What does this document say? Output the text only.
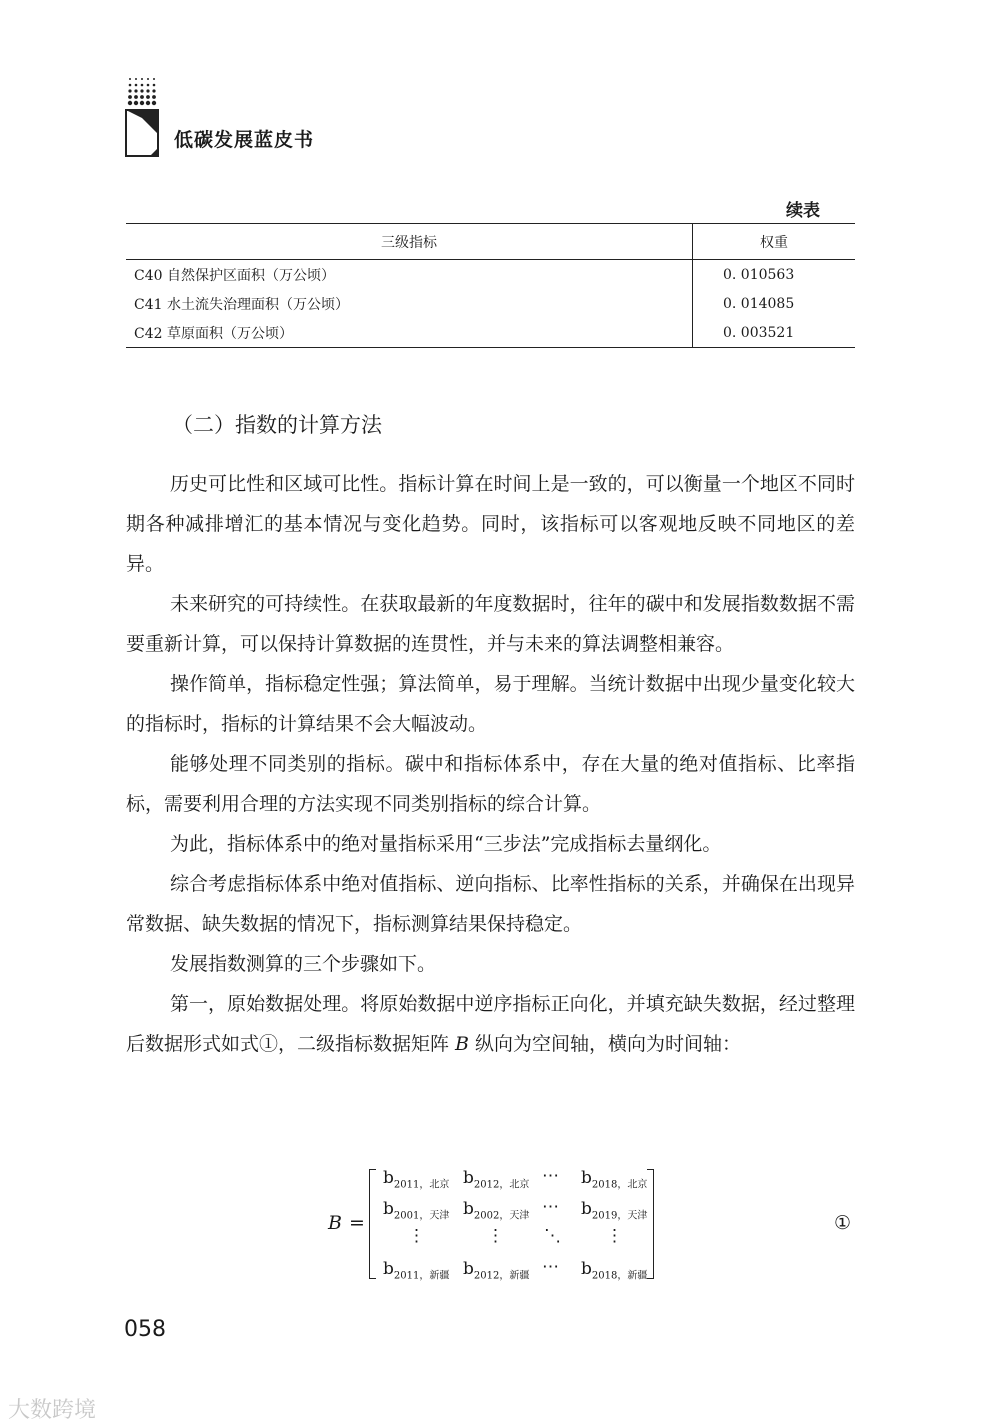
低碳发展蓝皮书
续表
三级指标	权重
C40 自然保护区面积（万公顷）	0. 010563
C41 水土流失治理面积（万公顷）	0. 014085
C42 草原面积（万公顷）	0. 003521
（二）指数的计算方法

历史可比性和区域可比性。指标计算在时间上是一致的，可以衡量一个地区不同时期各种减排增汇的基本情况与变化趋势。同时，该指标可以客观地反映不同地区的差异。

未来研究的可持续性。在获取最新的年度数据时，往年的碳中和发展指数数据不需要重新计算，可以保持计算数据的连贯性，并与未来的算法调整相兼容。

操作简单，指标稳定性强；算法简单，易于理解。当统计数据中出现少量变化较大的指标时，指标的计算结果不会大幅波动。

能够处理不同类别的指标。碳中和指标体系中，存在大量的绝对值指标、比率指标，需要利用合理的方法实现不同类别指标的综合计算。

为此，指标体系中的绝对量指标采用“三步法”完成指标去量纲化。

综合考虑指标体系中绝对值指标、逆向指标、比率性指标的关系，并确保在出现异常数据、缺失数据的情况下，指标测算结果保持稳定。

发展指数测算的三个步骤如下。

第一，原始数据处理。将原始数据中逆序指标正向化，并填充缺失数据，经过整理后数据形式如式①，二级指标数据矩阵 B 纵向为空间轴，横向为时间轴：

B =
$b_{2011,北京}$ $b_{2012,北京}$ ⋯ $b_{2018,北京}$
$b_{2001,天津}$ $b_{2002,天津}$ ⋯ $b_{2019,天津}$
⋮	⋮ ⋱	⋮
$b_{2011,新疆}$ $b_{2012,新疆}$ ⋯ $b_{2018,新疆}$
①
058
大数跨境
